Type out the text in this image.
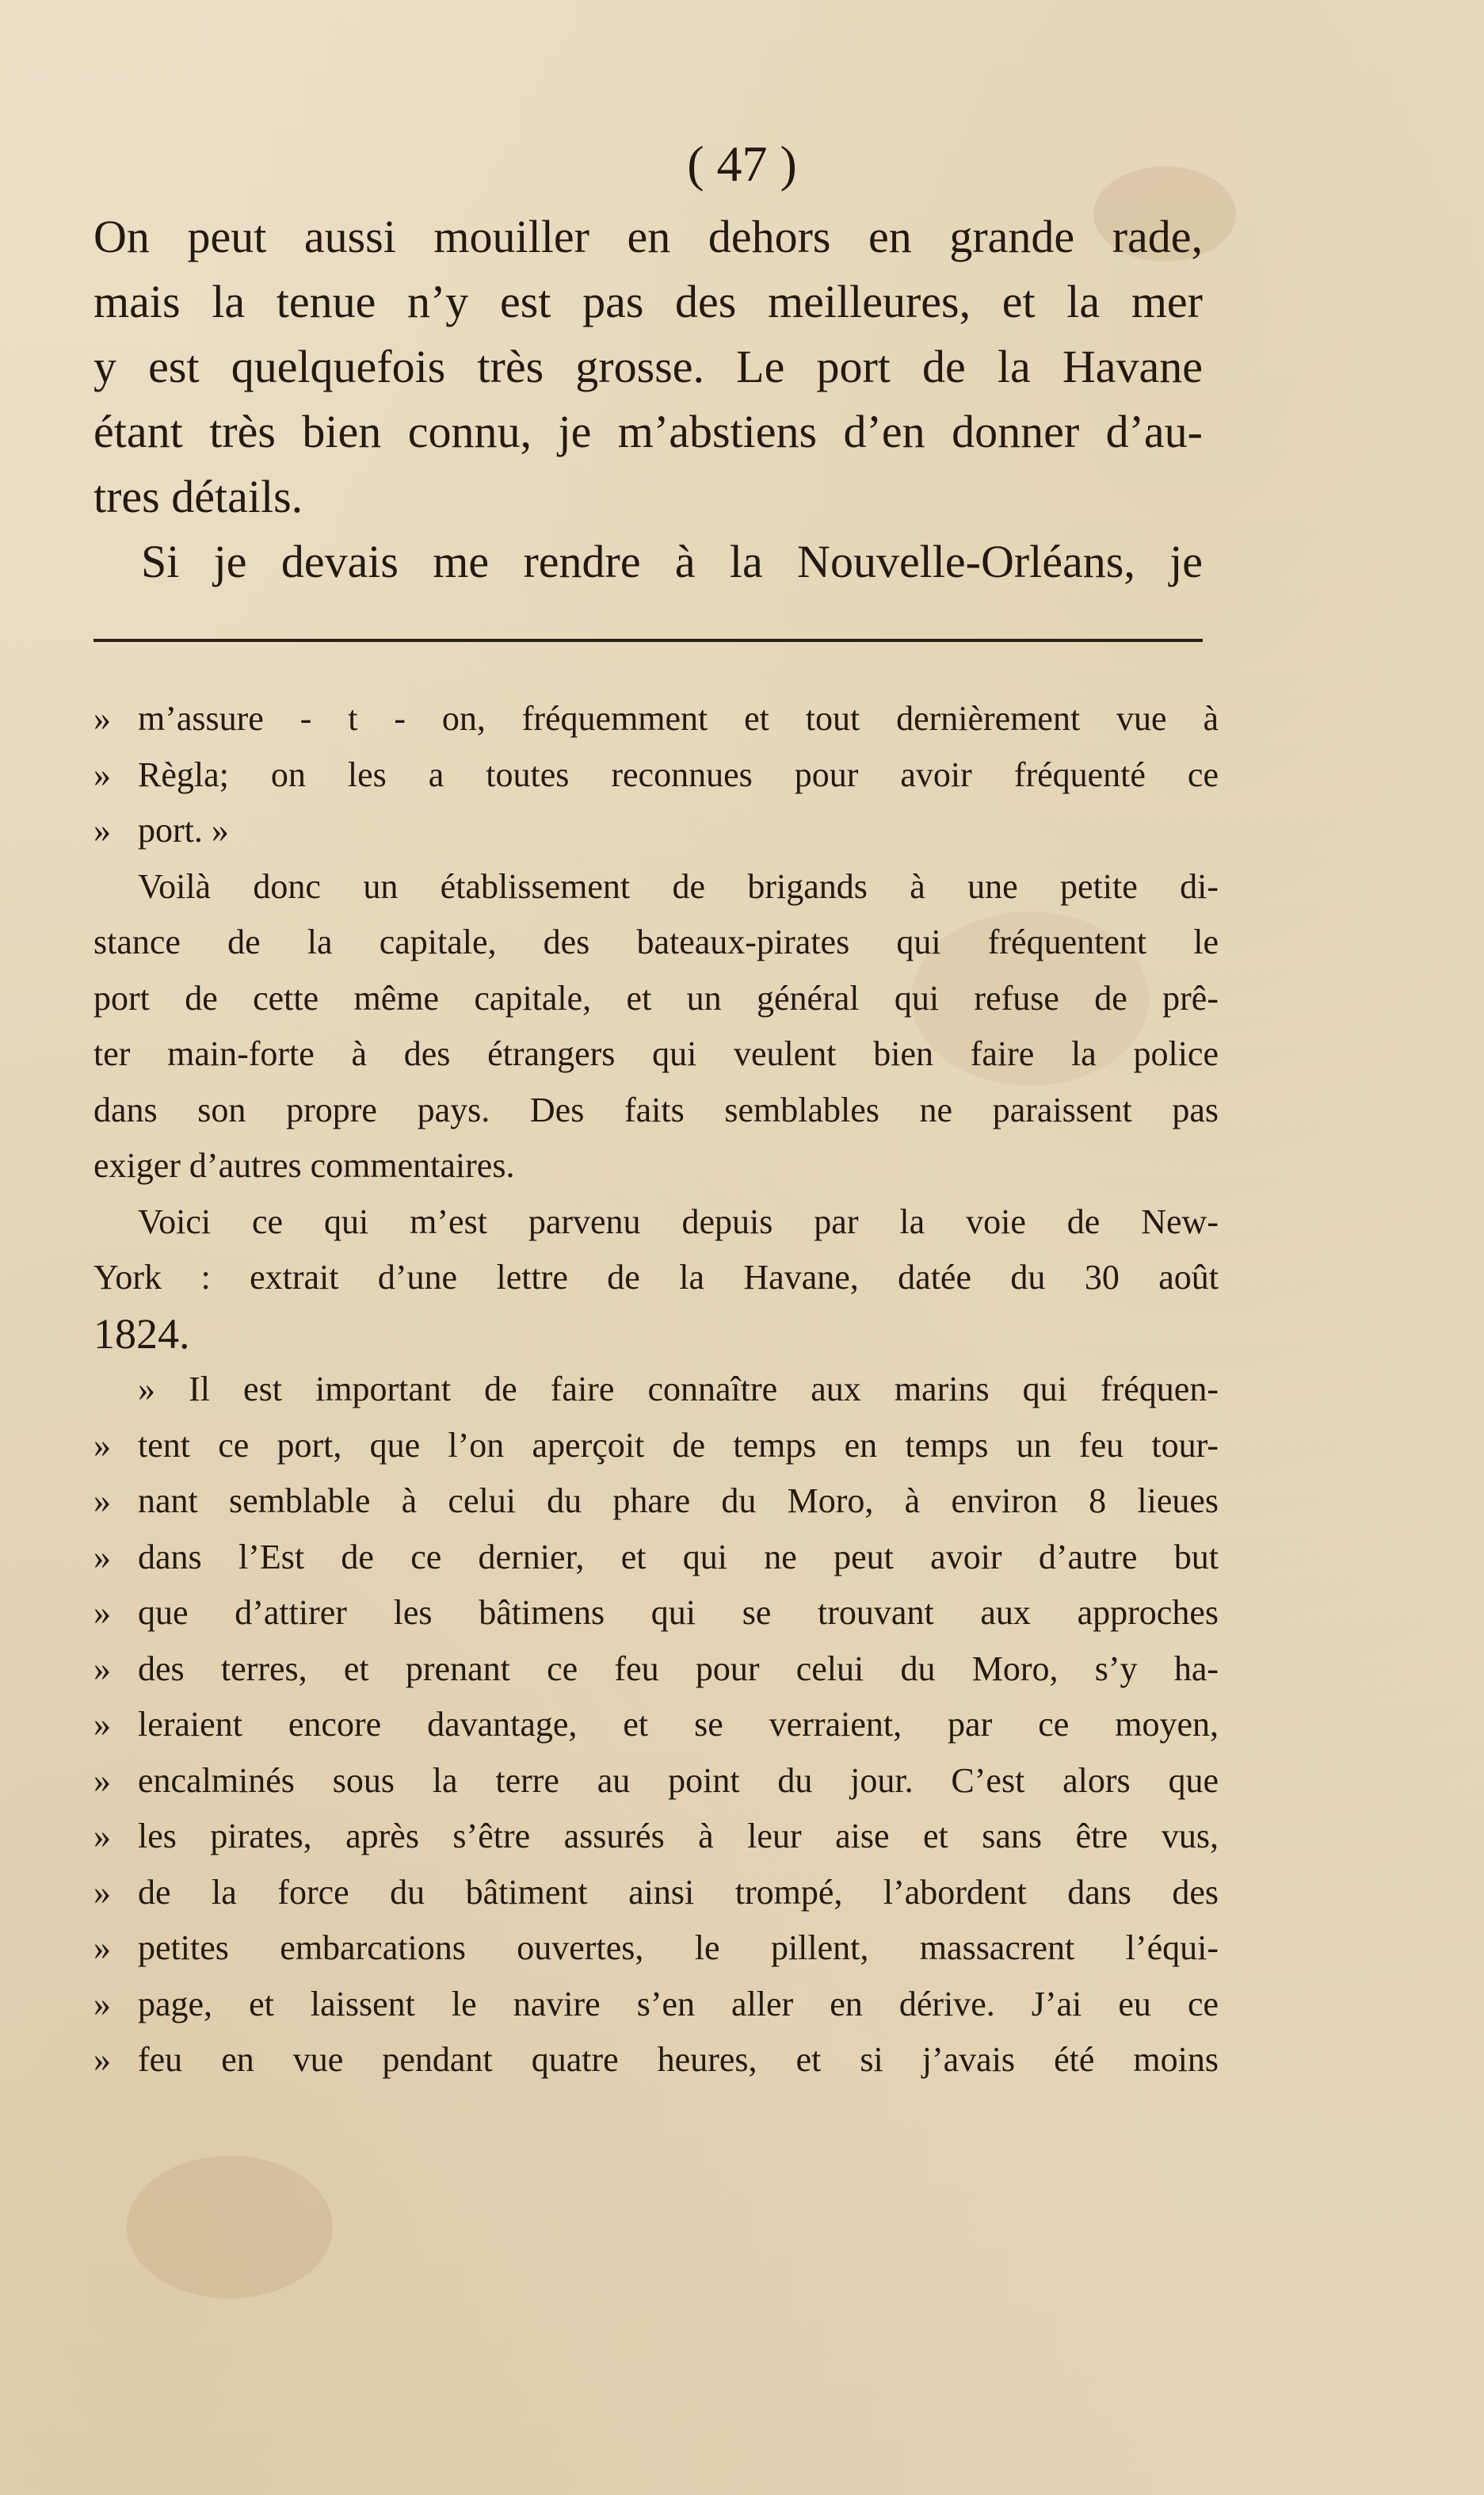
( 47 )
On peut aussi mouiller en dehors en grande rade,
mais la tenue n’y est pas des meilleures, et la mer
y est quelquefois très grosse. Le port de la Havane
étant très bien connu, je m’abstiens d’en donner d’au-
tres détails.
Si je devais me rendre à la Nouvelle-Orléans, je
» m’assure - t - on, fréquemment et tout dernièrement vue à
» Règla; on les a toutes reconnues pour avoir fréquenté ce
» port. »
Voilà donc un établissement de brigands à une petite di-
stance de la capitale, des bateaux-pirates qui fréquentent le
port de cette même capitale, et un général qui refuse de prê-
ter main-forte à des étrangers qui veulent bien faire la police
dans son propre pays. Des faits semblables ne paraissent pas
exiger d’autres commentaires.
Voici ce qui m’est parvenu depuis par la voie de New-
York : extrait d’une lettre de la Havane, datée du 30 août
1824.
» Il est important de faire connaître aux marins qui fréquen-
» tent ce port, que l’on aperçoit de temps en temps un feu tour-
» nant semblable à celui du phare du Moro, à environ 8 lieues
» dans l’Est de ce dernier, et qui ne peut avoir d’autre but
» que d’attirer les bâtimens qui se trouvant aux approches
» des terres, et prenant ce feu pour celui du Moro, s’y ha-
» leraient encore davantage, et se verraient, par ce moyen,
» encalminés sous la terre au point du jour. C’est alors que
» les pirates, après s’être assurés à leur aise et sans être vus,
» de la force du bâtiment ainsi trompé, l’abordent dans des
» petites embarcations ouvertes, le pillent, massacrent l’équi-
» page, et laissent le navire s’en aller en dérive. J’ai eu ce
» feu en vue pendant quatre heures, et si j’avais été moins
